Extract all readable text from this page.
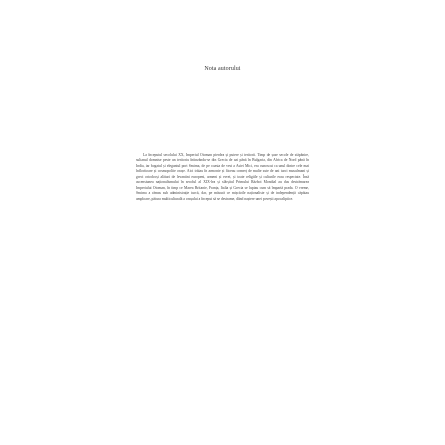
Nota autorului

La începutul secolului XX, Imperiul Otoman pierdea și putere și teritorii. Timp de șase secole de stăpânire, sultanul domnise peste un teritoriu întinzându-se din Grecia de azi până în Bulgaria, din Africa de Nord până în India, iar bogatul și elegantul port Smirna, de pe coasta de vest a Asiei Mici, era cunoscut ca unul dintre cele mai înfloritoare și cosmopolite orașe. Aici trăiau în armonie și făceau comerț de multe sute de ani turci musulmani și greci ortodocși alături de levantini europeni, armeni și evrei, și toate religiile și culturile erau respectate. Însă ascensiunea naționalismului în secolul al XIX-lea și sfârșitul Primului Război Mondial au dus destrămarea Imperiului Otoman, în timp ce Marea Britanie, Franța, Italia și Grecia se luptau cum să împartă prada. O vreme, Smirna a rămas sub administrație turcă, dar, pe măsură ce mișcările naționaliste și de independență căpătau amploare, pătura multiculturală a orașului a început să se destrame, dând naștere unei povești apocaliptice.
